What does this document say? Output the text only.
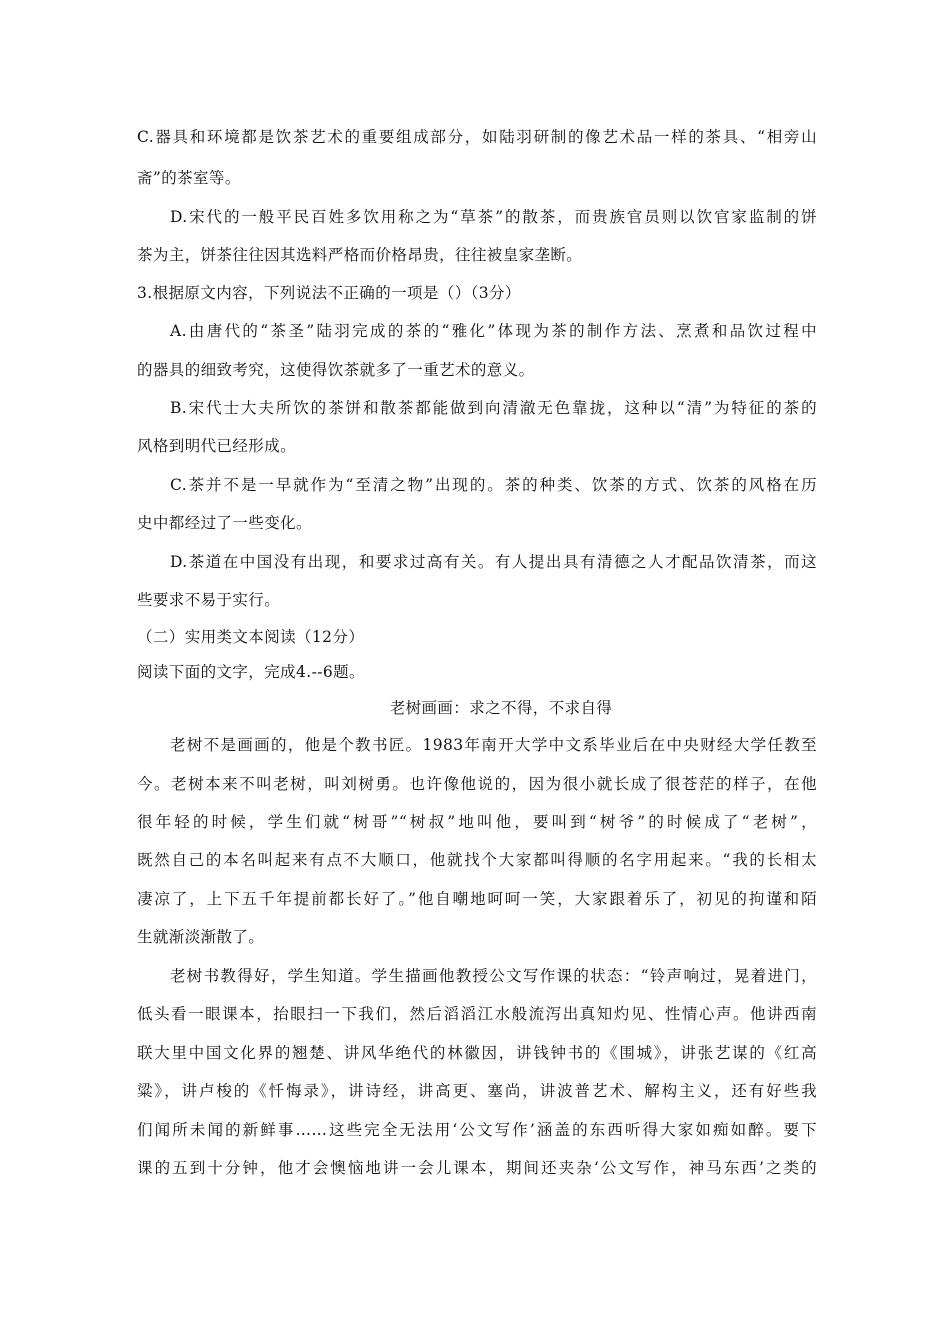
C.器具和环境都是饮茶艺术的重要组成部分，如陆羽研制的像艺术品一样的茶具、“相旁山
斋”的茶室等。
D.宋代的一般平民百姓多饮用称之为“草茶”的散茶，而贵族官员则以饮官家监制的饼
茶为主，饼茶往往因其选料严格而价格昂贵，往往被皇家垄断。
3.根据原文内容，下列说法不正确的一项是（）（3分）
A.由唐代的“茶圣”陆羽完成的茶的“雅化”体现为茶的制作方法、烹煮和品饮过程中
的器具的细致考究，这使得饮茶就多了一重艺术的意义。
B.宋代士大夫所饮的茶饼和散茶都能做到向清澈无色靠拢，这种以“清”为特征的茶的
风格到明代已经形成。
C.茶并不是一早就作为“至清之物”出现的。茶的种类、饮茶的方式、饮茶的风格在历
史中都经过了一些变化。
D.茶道在中国没有出现，和要求过高有关。有人提出具有清德之人才配品饮清茶，而这
些要求不易于实行。
（二）实用类文本阅读（12分）
阅读下面的文字，完成4.--6题。
老树画画：求之不得，不求自得
老树不是画画的，他是个教书匠。1983年南开大学中文系毕业后在中央财经大学任教至
今。老树本来不叫老树，叫刘树勇。也许像他说的，因为很小就长成了很苍茫的样子，在他
很年轻的时候，学生们就“树哥”“树叔”地叫他，要叫到“树爷”的时候成了“老树”，
既然自己的本名叫起来有点不大顺口，他就找个大家都叫得顺的名字用起来。“我的长相太
凄凉了，上下五千年提前都长好了。”他自嘲地呵呵一笑，大家跟着乐了，初见的拘谨和陌
生就渐淡渐散了。
老树书教得好，学生知道。学生描画他教授公文写作课的状态：“铃声响过，晃着进门，
低头看一眼课本，抬眼扫一下我们，然后滔滔江水般流泻出真知灼见、性情心声。他讲西南
联大里中国文化界的翘楚、讲风华绝代的林徽因，讲钱钟书的《围城》，讲张艺谋的《红高
粱》，讲卢梭的《忏悔录》，讲诗经，讲高更、塞尚，讲波普艺术、解构主义，还有好些我
们闻所未闻的新鲜事……这些完全无法用‘公文写作’涵盖的东西听得大家如痴如醉。要下
课的五到十分钟，他才会懊恼地讲一会儿课本，期间还夹杂‘公文写作，神马东西’之类的
